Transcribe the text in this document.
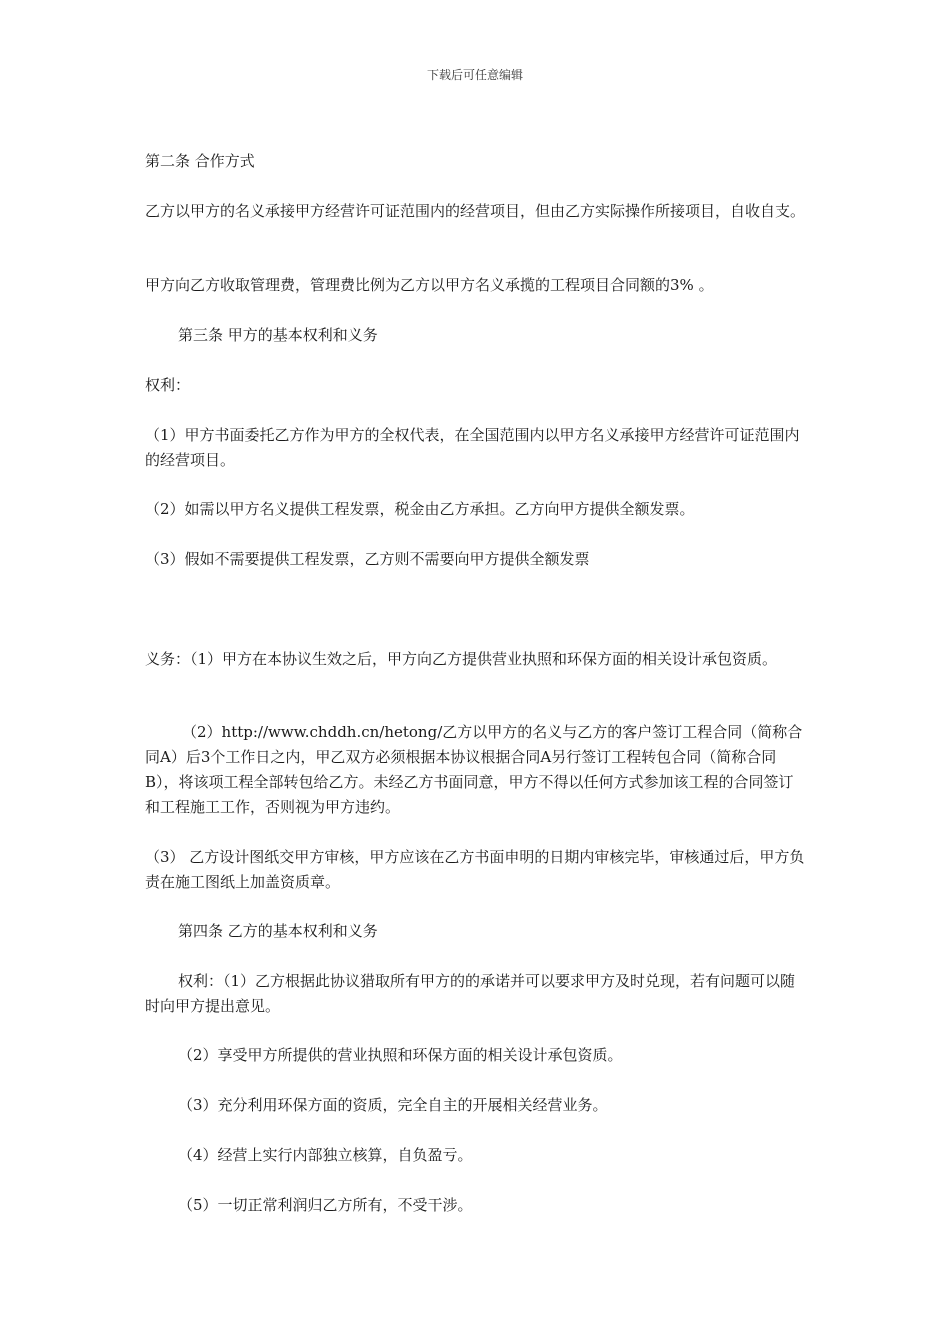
下载后可任意编辑

第二条 合作方式

乙方以甲方的名义承接甲方经营许可证范围内的经营项目，但由乙方实际操作所接项目，自收自支。

甲方向乙方收取管理费，管理费比例为乙方以甲方名义承揽的工程项目合同额的3% 。

第三条 甲方的基本权利和义务

权利：

（1）甲方书面委托乙方作为甲方的全权代表，在全国范围内以甲方名义承接甲方经营许可证范围内的经营项目。

（2）如需以甲方名义提供工程发票，税金由乙方承担。乙方向甲方提供全额发票。

（3）假如不需要提供工程发票，乙方则不需要向甲方提供全额发票

义务：（1）甲方在本协议生效之后，甲方向乙方提供营业执照和环保方面的相关设计承包资质。

（2）http://www.chddh.cn/hetong/乙方以甲方的名义与乙方的客户签订工程合同（简称合同A）后3个工作日之内，甲乙双方必须根据本协议根据合同A另行签订工程转包合同（简称合同B），将该项工程全部转包给乙方。未经乙方书面同意，甲方不得以任何方式参加该工程的合同签订和工程施工工作，否则视为甲方违约。

（3） 乙方设计图纸交甲方审核，甲方应该在乙方书面申明的日期内审核完毕，审核通过后，甲方负责在施工图纸上加盖资质章。

第四条 乙方的基本权利和义务

权利：（1）乙方根据此协议猎取所有甲方的的承诺并可以要求甲方及时兑现，若有问题可以随时向甲方提出意见。

（2）享受甲方所提供的营业执照和环保方面的相关设计承包资质。

（3）充分利用环保方面的资质，完全自主的开展相关经营业务。

（4）经营上实行内部独立核算，自负盈亏。

（5）一切正常利润归乙方所有，不受干涉。
